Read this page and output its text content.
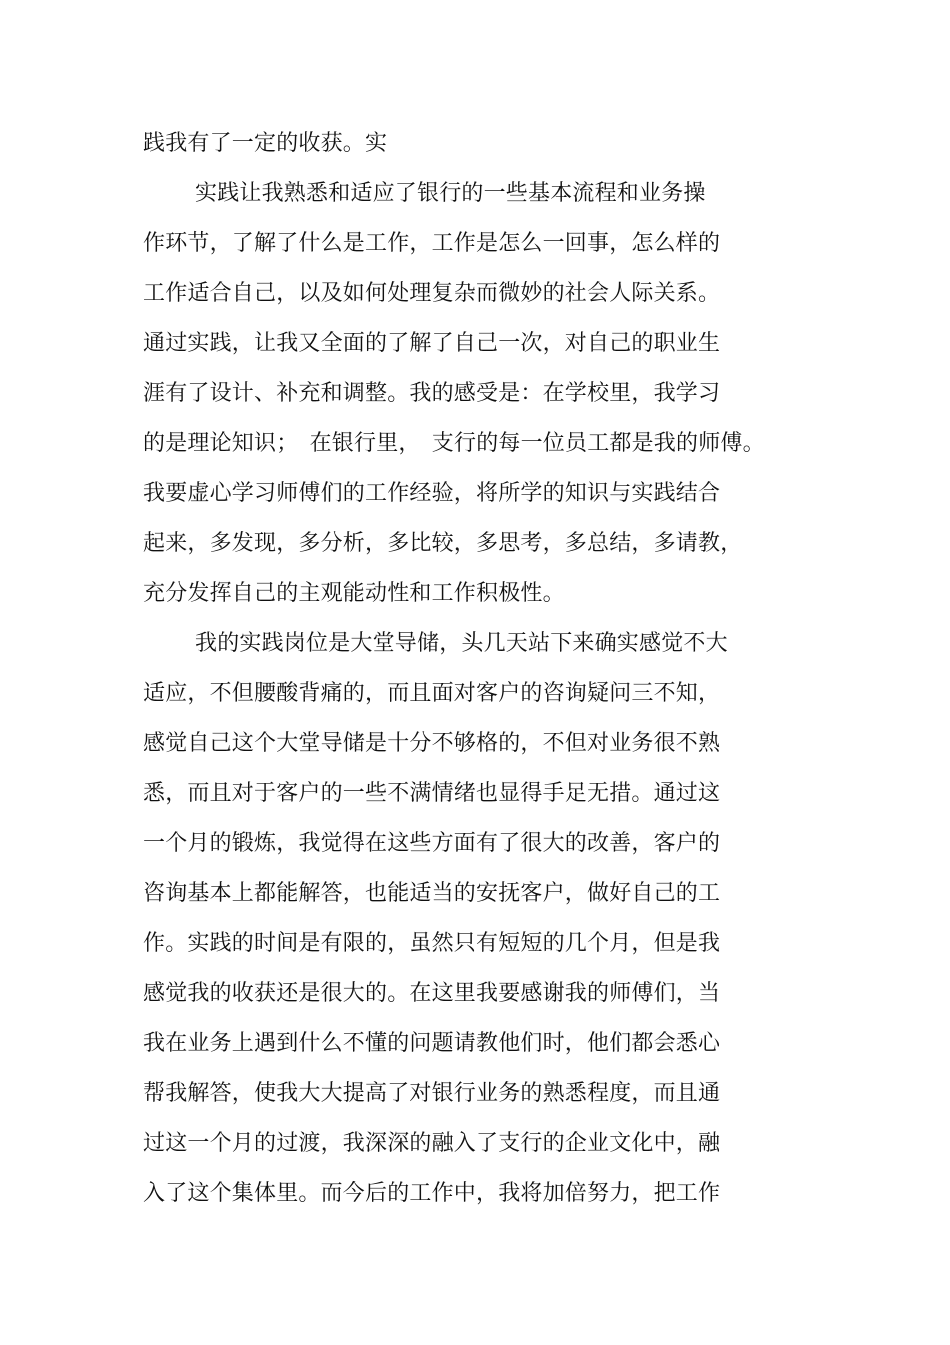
践我有了一定的收获。实
实践让我熟悉和适应了银行的一些基本流程和业务操
作环节，了解了什么是工作，工作是怎么一回事，怎么样的
工作适合自己，以及如何处理复杂而微妙的社会人际关系。
通过实践，让我又全面的了解了自己一次，对自己的职业生
涯有了设计、补充和调整。我的感受是：在学校里，我学习
的是理论知识；　在银行里，　支行的每一位员工都是我的师傅。
我要虚心学习师傅们的工作经验，将所学的知识与实践结合
起来，多发现，多分析，多比较，多思考，多总结，多请教，
充分发挥自己的主观能动性和工作积极性。
我的实践岗位是大堂导储，头几天站下来确实感觉不大
适应，不但腰酸背痛的，而且面对客户的咨询疑问三不知，
感觉自己这个大堂导储是十分不够格的，不但对业务很不熟
悉，而且对于客户的一些不满情绪也显得手足无措。通过这
一个月的锻炼，我觉得在这些方面有了很大的改善，客户的
咨询基本上都能解答，也能适当的安抚客户，做好自己的工
作。实践的时间是有限的，虽然只有短短的几个月，但是我
感觉我的收获还是很大的。在这里我要感谢我的师傅们，当
我在业务上遇到什么不懂的问题请教他们时，他们都会悉心
帮我解答，使我大大提高了对银行业务的熟悉程度，而且通
过这一个月的过渡，我深深的融入了支行的企业文化中，融
入了这个集体里。而今后的工作中，我将加倍努力，把工作
